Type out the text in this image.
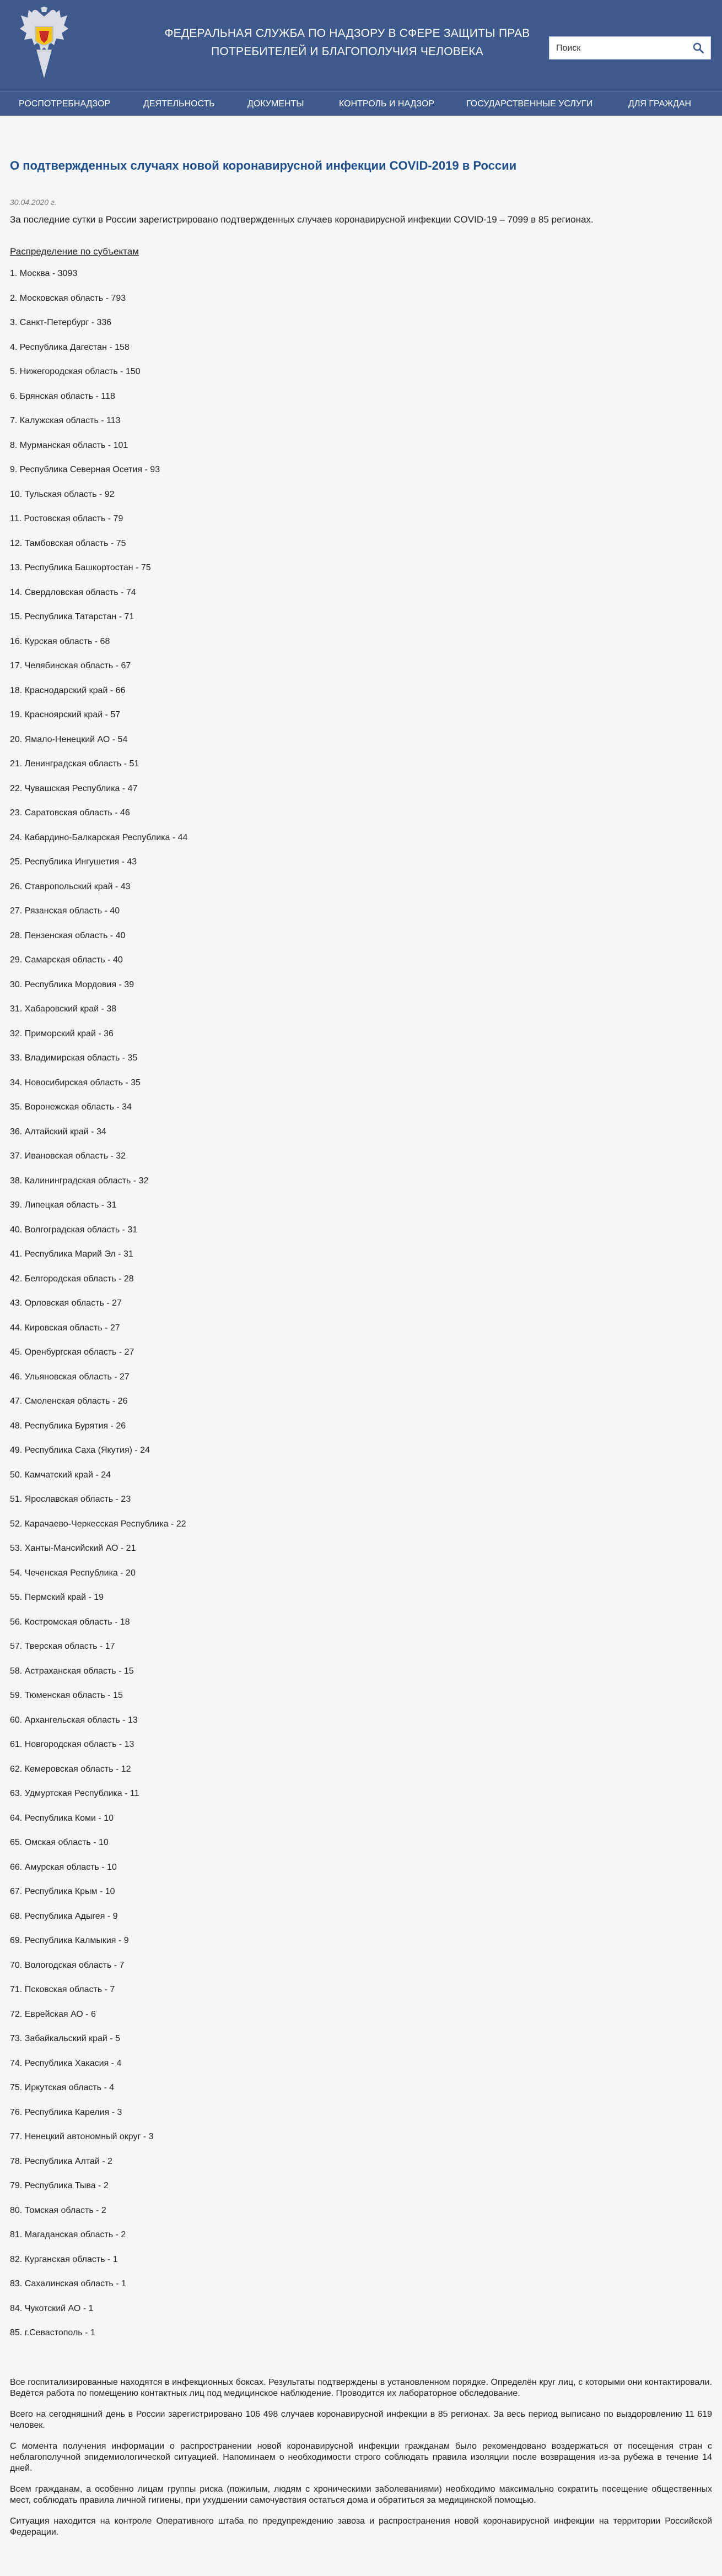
ФЕДЕРАЛЬНАЯ СЛУЖБА ПО НАДЗОРУ В СФЕРЕ ЗАЩИТЫ ПРАВ ПОТРЕБИТЕЛЕЙ И БЛАГОПОЛУЧИЯ ЧЕЛОВЕКА
Поиск
РОСПОТРЕБНАДЗОР	ДЕЯТЕЛЬНОСТЬ	ДОКУМЕНТЫ	КОНТРОЛЬ И НАДЗОР	ГОСУДАРСТВЕННЫЕ УСЛУГИ	ДЛЯ ГРАЖДАН
О подтвержденных случаях новой коронавирусной инфекции COVID-2019 в России
30.04.2020 г.
За последние сутки в России зарегистрировано подтвержденных случаев коронавирусной инфекции COVID-19 – 7099 в 85 регионах.
Распределение по субъектам
1. Москва - 3093
2. Московская область - 793
3. Санкт-Петербург - 336
4. Республика Дагестан - 158
5. Нижегородская область - 150
6. Брянская область - 118
7. Калужская область - 113
8. Мурманская область - 101
9. Республика Северная Осетия - 93
10. Тульская область - 92
11. Ростовская область - 79
12. Тамбовская область - 75
13. Республика Башкортостан - 75
14. Свердловская область - 74
15. Республика Татарстан - 71
16. Курская область - 68
17. Челябинская область - 67
18. Краснодарский край - 66
19. Красноярский край - 57
20. Ямало-Ненецкий АО - 54
21. Ленинградская область - 51
22. Чувашская Республика - 47
23. Саратовская область - 46
24. Кабардино-Балкарская Республика - 44
25. Республика Ингушетия - 43
26. Ставропольский край - 43
27. Рязанская область - 40
28. Пензенская область - 40
29. Самарская область - 40
30. Республика Мордовия - 39
31. Хабаровский край - 38
32. Приморский край - 36
33. Владимирская область - 35
34. Новосибирская область - 35
35. Воронежская область - 34
36. Алтайский край - 34
37. Ивановская область - 32
38. Калининградская область - 32
39. Липецкая область - 31
40. Волгоградская область - 31
41. Республика Марий Эл - 31
42. Белгородская область - 28
43. Орловская область - 27
44. Кировская область - 27
45. Оренбургская область - 27
46. Ульяновская область - 27
47. Смоленская область - 26
48. Республика Бурятия - 26
49. Республика Саха (Якутия) - 24
50. Камчатский край - 24
51. Ярославская область - 23
52. Карачаево-Черкесская Республика - 22
53. Ханты-Мансийский АО - 21
54. Чеченская Республика - 20
55. Пермский край - 19
56. Костромская область - 18
57. Тверская область - 17
58. Астраханская область - 15
59. Тюменская область - 15
60. Архангельская область - 13
61. Новгородская область - 13
62. Кемеровская область - 12
63. Удмуртская Республика - 11
64. Республика Коми - 10
65. Омская область - 10
66. Амурская область - 10
67. Республика Крым - 10
68. Республика Адыгея - 9
69. Республика Калмыкия - 9
70. Вологодская область - 7
71. Псковская область - 7
72. Еврейская АО - 6
73. Забайкальский край - 5
74. Республика Хакасия - 4
75. Иркутская область - 4
76. Республика Карелия - 3
77. Ненецкий автономный округ - 3
78. Республика Алтай - 2
79. Республика Тыва - 2
80. Томская область - 2
81. Магаданская область - 2
82. Курганская область - 1
83. Сахалинская область - 1
84. Чукотский АО - 1
85. г.Севастополь - 1

Все госпитализированные находятся в инфекционных боксах. Результаты подтверждены в установленном порядке. Определён круг лиц, с которыми они контактировали. Ведётся работа по помещению контактных лиц под медицинское наблюдение. Проводится их лабораторное обследование.

Всего на сегодняшний день в России зарегистрировано 106 498 случаев коронавирусной инфекции в 85 регионах. За весь период выписано по выздоровлению 11 619 человек.

С момента получения информации о распространении новой коронавирусной инфекции гражданам было рекомендовано воздержаться от посещения стран с неблагополучной эпидемиологической ситуацией. Напоминаем о необходимости строго соблюдать правила изоляции после возвращения из-за рубежа в течение 14 дней.

Всем гражданам, а особенно лицам группы риска (пожилым, людям с хроническими заболеваниями) необходимо максимально сократить посещение общественных мест, соблюдать правила личной гигиены, при ухудшении самочувствия остаться дома и обратиться за медицинской помощью.

Ситуация находится на контроле Оперативного штаба по предупреждению завоза и распространения новой коронавирусной инфекции на территории Российской Федерации.
